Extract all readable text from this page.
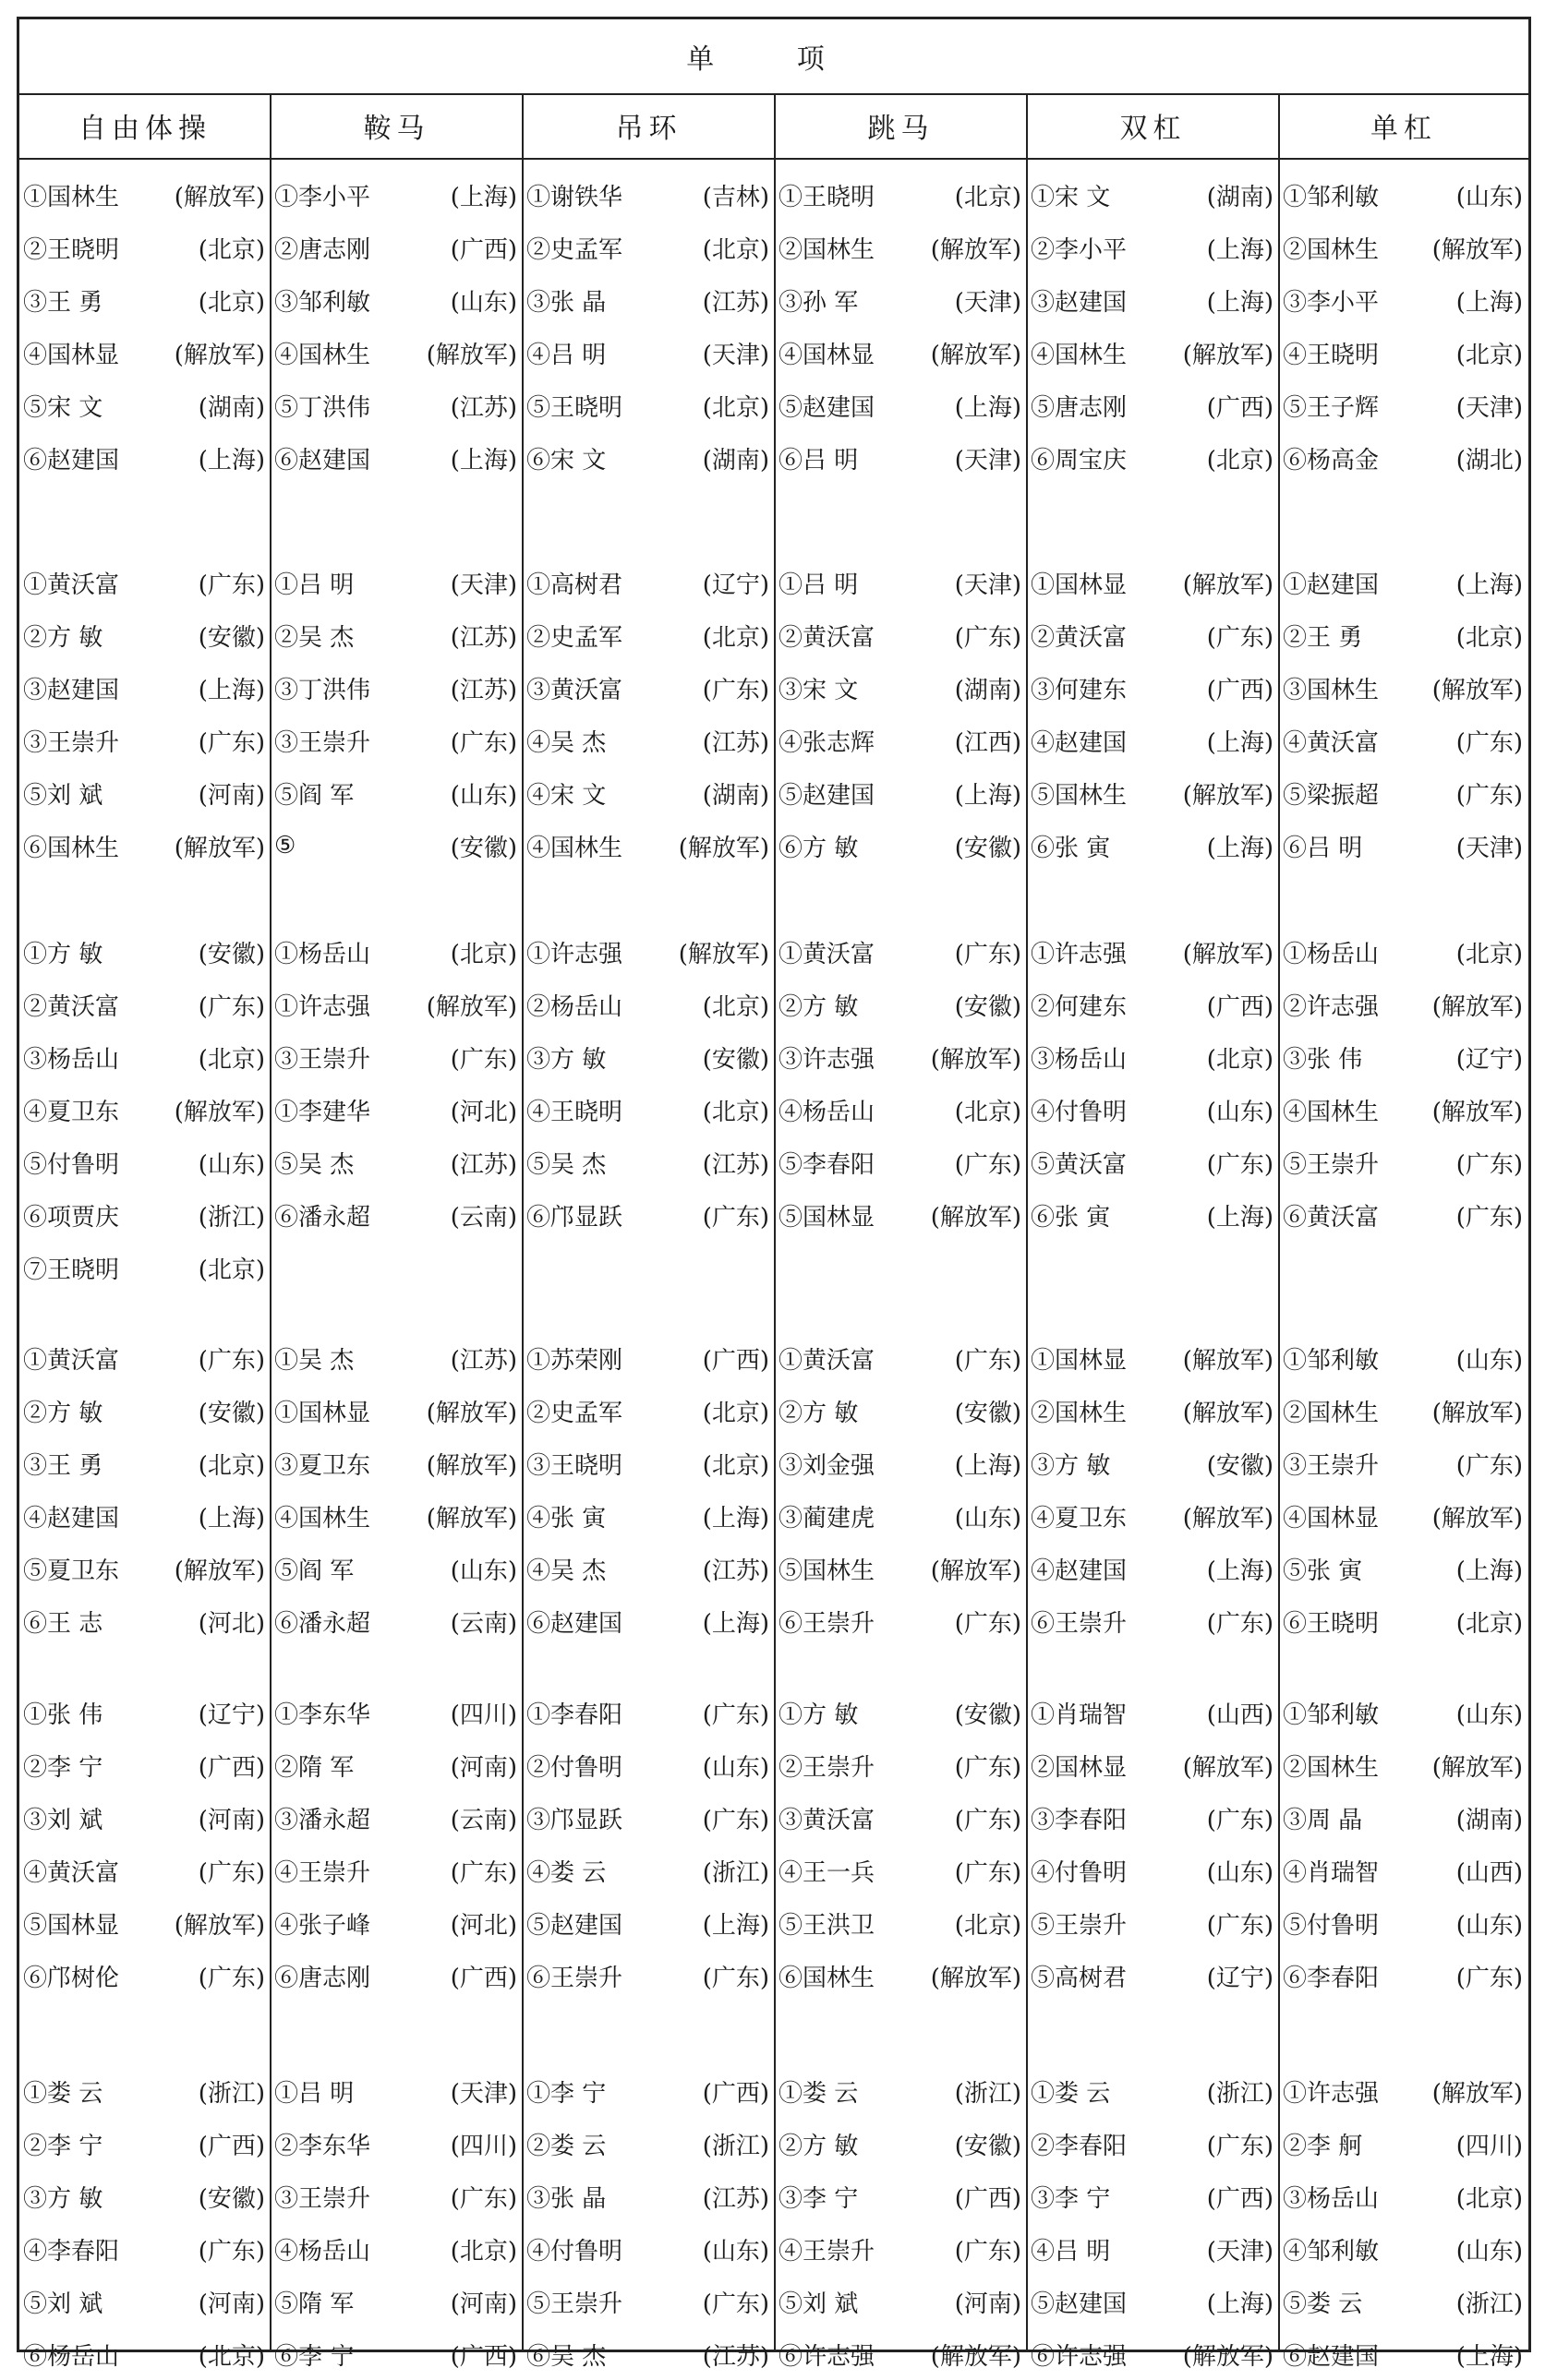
单 项
自由体操	鞍马	吊环	跳马	双杠	单杠
①国林生	(解放军) ①李小平	(上海) ①谢铁华	(吉林) ①王晓明	(北京) ①宋 文	(湖南) ①邹利敏	(山东)
②王晓明	(北京) ②唐志刚	(广西) ②史孟军	(北京) ②国林生	(解放军) ②李小平	(上海) ②国林生	(解放军)
③王 勇	(北京) ③邹利敏	(山东) ③张 晶	(江苏) ③孙 军	(天津) ③赵建国	(上海) ③李小平	(上海)
④国林显	(解放军) ④国林生	(解放军) ④吕 明	(天津) ④国林显	(解放军) ④国林生	(解放军) ④王晓明	(北京)
⑤宋 文	(湖南) ⑤丁洪伟	(江苏) ⑤王晓明	(北京) ⑤赵建国	(上海) ⑤唐志刚	(广西) ⑤王子辉	(天津)
⑥赵建国	(上海) ⑥赵建国	(上海) ⑥宋 文	(湖南) ⑥吕 明	(天津) ⑥周宝庆	(北京) ⑥杨高金	(湖北)
①黄沃富	(广东) ①吕 明	(天津) ①高树君	(辽宁) ①吕 明	(天津) ①国林显	(解放军) ①赵建国	(上海)
②方 敏	(安徽) ②吴 杰	(江苏) ②史孟军	(北京) ②黄沃富	(广东) ②黄沃富	(广东) ②王 勇	(北京)
③赵建国	(上海) ③丁洪伟	(江苏) ③黄沃富	(广东) ③宋 文	(湖南) ③何建东	(广西) ③国林生	(解放军)
③王崇升	(广东) ③王崇升	(广东) ④吴 杰	(江苏) ④张志辉	(江西) ④赵建国	(上海) ④黄沃富	(广东)
⑤刘 斌	(河南) ⑤阎 军	(山东) ④宋 文	(湖南) ⑤赵建国	(上海) ⑤国林生	(解放军) ⑤梁振超	(广东)
⑥国林生	(解放军) ⑤	(安徽) ④国林生	(解放军) ⑥方 敏	(安徽) ⑥张 寅	(上海) ⑥吕 明	(天津)
①方 敏	(安徽) ①杨岳山	(北京) ①许志强	(解放军) ①黄沃富	(广东) ①许志强	(解放军) ①杨岳山	(北京)
②黄沃富	(广东) ①许志强	(解放军) ②杨岳山	(北京) ②方 敏	(安徽) ②何建东	(广西) ②许志强	(解放军)
③杨岳山	(北京) ③王崇升	(广东) ③方 敏	(安徽) ③许志强	(解放军) ③杨岳山	(北京) ③张 伟	(辽宁)
④夏卫东	(解放军) ①李建华	(河北) ④王晓明	(北京) ④杨岳山	(北京) ④付鲁明	(山东) ④国林生	(解放军)
⑤付鲁明	(山东) ⑤吴 杰	(江苏) ⑤吴 杰	(江苏) ⑤李春阳	(广东) ⑤黄沃富	(广东) ⑤王崇升	(广东)
⑥项贾庆	(浙江) ⑥潘永超	(云南) ⑥邝显跃	(广东) ⑤国林显	(解放军) ⑥张 寅	(上海) ⑥黄沃富	(广东)
⑦王晓明	(北京)
①黄沃富	(广东) ①吴 杰	(江苏) ①苏荣刚	(广西) ①黄沃富	(广东) ①国林显	(解放军) ①邹利敏	(山东)
②方 敏	(安徽) ①国林显	(解放军) ②史孟军	(北京) ②方 敏	(安徽) ②国林生	(解放军) ②国林生	(解放军)
③王 勇	(北京) ③夏卫东	(解放军) ③王晓明	(北京) ③刘金强	(上海) ③方 敏	(安徽) ③王崇升	(广东)
④赵建国	(上海) ④国林生	(解放军) ④张 寅	(上海) ③蔺建虎	(山东) ④夏卫东	(解放军) ④国林显	(解放军)
⑤夏卫东	(解放军) ⑤阎 军	(山东) ④吴 杰	(江苏) ⑤国林生	(解放军) ④赵建国	(上海) ⑤张 寅	(上海)
⑥王 志	(河北) ⑥潘永超	(云南) ⑥赵建国	(上海) ⑥王崇升	(广东) ⑥王崇升	(广东) ⑥王晓明	(北京)
①张 伟	(辽宁) ①李东华	(四川) ①李春阳	(广东) ①方 敏	(安徽) ①肖瑞智	(山西) ①邹利敏	(山东)
②李 宁	(广西) ②隋 军	(河南) ②付鲁明	(山东) ②王崇升	(广东) ②国林显	(解放军) ②国林生	(解放军)
③刘 斌	(河南) ③潘永超	(云南) ③邝显跃	(广东) ③黄沃富	(广东) ③李春阳	(广东) ③周 晶	(湖南)
④黄沃富	(广东) ④王崇升	(广东) ④娄 云	(浙江) ④王一兵	(广东) ④付鲁明	(山东) ④肖瑞智	(山西)
⑤国林显	(解放军) ④张子峰	(河北) ⑤赵建国	(上海) ⑤王洪卫	(北京) ⑤王崇升	(广东) ⑤付鲁明	(山东)
⑥邝树伦	(广东) ⑥唐志刚	(广西) ⑥王崇升	(广东) ⑥国林生	(解放军) ⑤高树君	(辽宁) ⑥李春阳	(广东)
①娄 云	(浙江) ①吕 明	(天津) ①李 宁	(广西) ①娄 云	(浙江) ①娄 云	(浙江) ①许志强	(解放军)
②李 宁	(广西) ②李东华	(四川) ②娄 云	(浙江) ②方 敏	(安徽) ②李春阳	(广东) ②李 舸	(四川)
③方 敏	(安徽) ③王崇升	(广东) ③张 晶	(江苏) ③李 宁	(广西) ③李 宁	(广西) ③杨岳山	(北京)
④李春阳	(广东) ④杨岳山	(北京) ④付鲁明	(山东) ④王崇升	(广东) ④吕 明	(天津) ④邹利敏	(山东)
⑤刘 斌	(河南) ⑤隋 军	(河南) ⑤王崇升	(广东) ⑤刘 斌	(河南) ⑤赵建国	(上海) ⑤娄 云	(浙江)
⑥杨岳山	(北京) ⑥李 宁	(广西) ⑥吴 杰	(江苏) ⑥许志强	(解放军) ⑥许志强	(解放军) ⑥赵建国	(上海)
